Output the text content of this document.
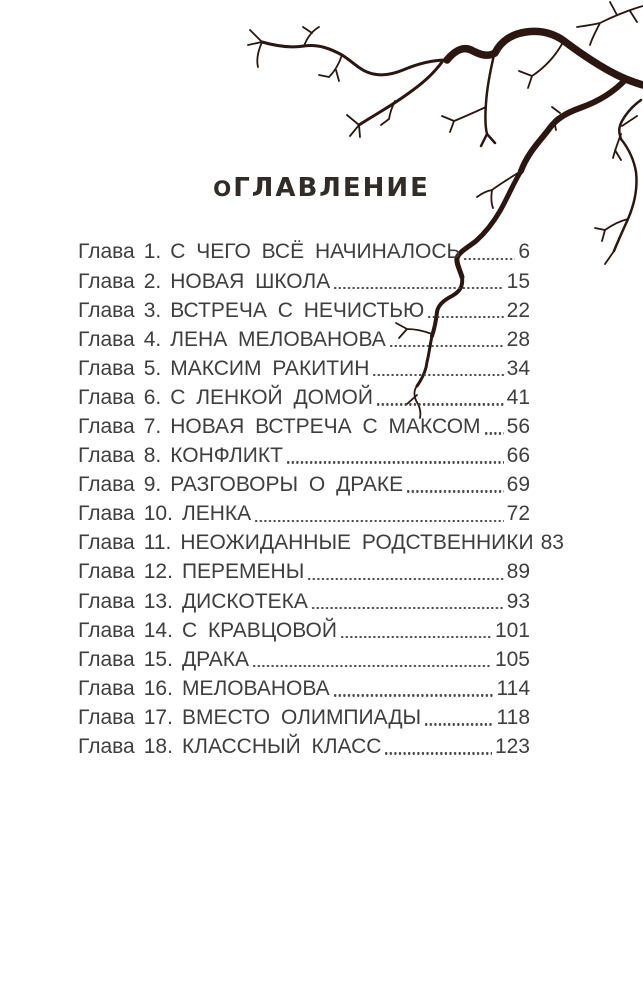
ОГЛАВЛЕНИЕ
Глава 1. С ЧЕГО ВСЁ НАЧИНАЛОСЬ	6
Глава 2. НОВАЯ ШКОЛА	15
Глава 3. ВСТРЕЧА С НЕЧИСТЬЮ	22
Глава 4. ЛЕНА МЕЛОВАНОВА	28
Глава 5. МАКСИМ РАКИТИН	34
Глава 6. С ЛЕНКОЙ ДОМОЙ	41
Глава 7. НОВАЯ ВСТРЕЧА С МАКСОМ 56
Глава 8. КОНФЛИКТ	66
Глава 9. РАЗГОВОРЫ О ДРАКЕ	69
Глава 10. ЛЕНКА	72
Глава 11. НЕОЖИДАННЫЕ РОДСТВЕННИКИ 83
Глава 12. ПЕРЕМЕНЫ	89
Глава 13. ДИСКОТЕКА	93
Глава 14. С КРАВЦОВОЙ	101
Глава 15. ДРАКА	105
Глава 16. МЕЛОВАНОВА	114
Глава 17. ВМЕСТО ОЛИМПИАДЫ	118
Глава 18. КЛАССНЫЙ КЛАСС	123
